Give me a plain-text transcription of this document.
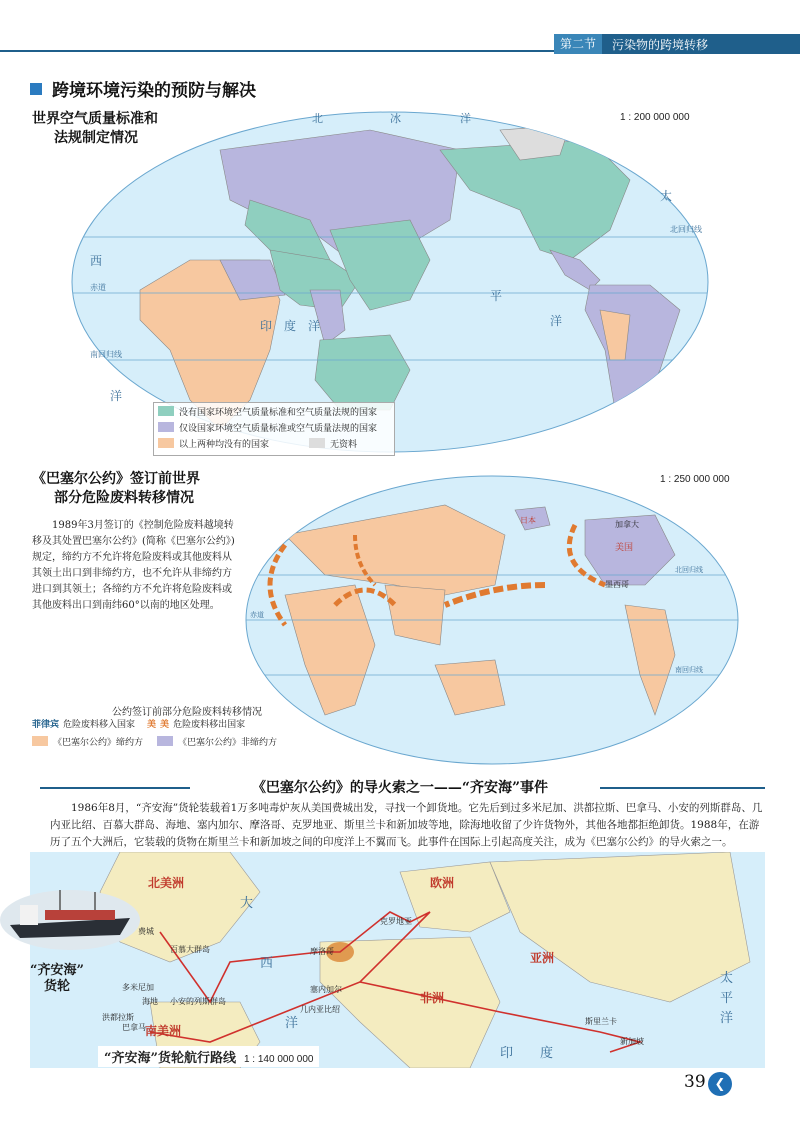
第二节	污染物的跨境转移
跨境环境污染的预防与解决
北	冰	洋
太
平
洋
北回归线
赤道
南回归线
西
洋
印　度　洋
世界空气质量标准和
法规制定情况
1 : 200 000 000
没有国家环境空气质量标准和空气质量法规的国家
仅设国家环境空气质量标准或空气质量法规的国家
以上两种均没有的国家	无资料
美国
加拿大
墨西哥
日本
北回归线
南回归线
赤道
《巴塞尔公约》签订前世界
部分危险废料转移情况
1 : 250 000 000
1989年3月签订的《控制危险废料越境转移及其处置巴塞尔公约》(简称《巴塞尔公约》)规定，缔约方不允许将危险废料或其他废料从其领土出口到非缔约方，也不允许从非缔约方进口到其领土；各缔约方不允许将危险废料或其他废料出口到南纬60°以南的地区处理。
公约签订前部分危险废料转移情况
菲律宾 危险废料移入国家 美 美 危险废料移出国家
《巴塞尔公约》缔约方	《巴塞尔公约》非缔约方
《巴塞尔公约》的导火索之一——“齐安海”事件
1986年8月，“齐安海”货轮装载着1万多吨毒炉灰从美国费城出发，寻找一个卸货地。它先后到过多米尼加、洪都拉斯、巴拿马、小安的列斯群岛、几内亚比绍、百慕大群岛、海地、塞内加尔、摩洛哥、克罗地亚、斯里兰卡和新加坡等地，除海地收留了少许货物外，其他各地都拒绝卸货。1988年，在游历了五个大洲后，它装载的货物在斯里兰卡和新加坡之间的印度洋上不翼而飞。此事件在国际上引起高度关注，成为《巴塞尔公约》的导火索之一。
北美洲	欧洲
亚洲
非洲
南美洲
费城
百慕大群岛
克罗地亚
摩洛哥
塞内加尔
几内亚比绍
斯里兰卡
新加坡
海地 小安的列斯群岛
多米尼加
洪都拉斯
巴拿马
大
西
洋
印 度
太
平
洋
“齐安海”
货轮
“齐安海”货轮航行路线 1 : 140 000 000
39 ❮
